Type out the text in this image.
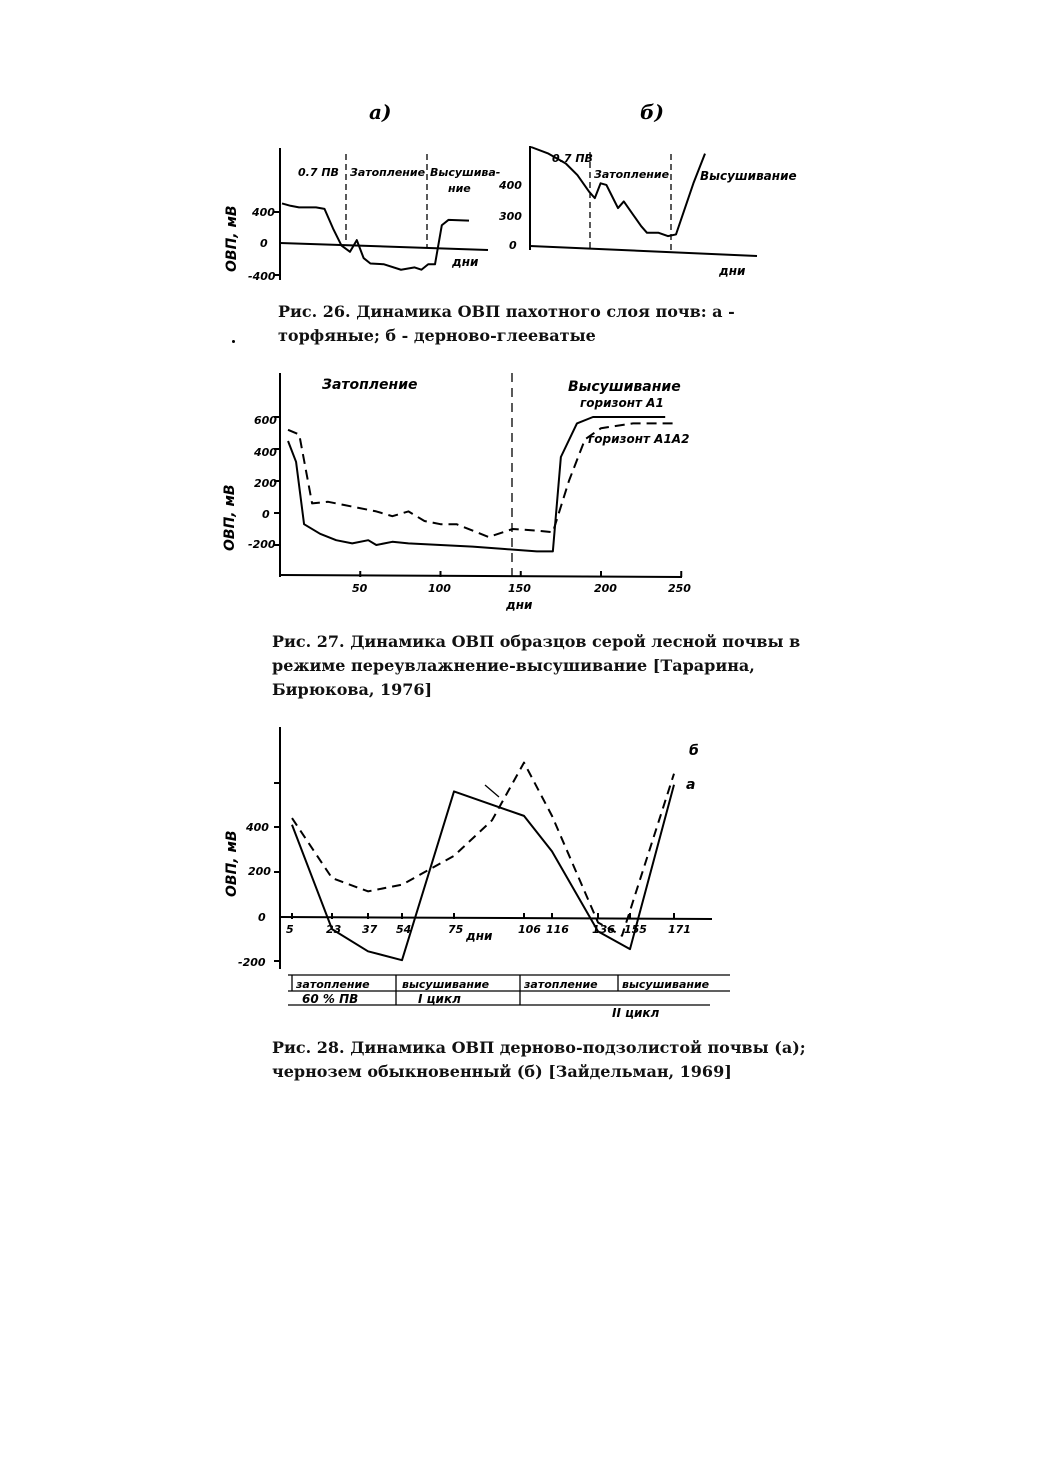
а)	б)
400
0
-400
ОВП, мВ	дни
0.7 ПВ Затопление Высушива-
ние	400
300
0
дни
0.7 ПВ
Затопление	Высушивание

Рис. 26. Динамика ОВП пахотного слоя почв: а -
торфяные; б - дерново-глееватые

600
400
200
0
-200
ОВП, мВ
50	100	150	200	250
дни
Затопление	Высушивание
горизонт А1
горизонт А1А2

Рис. 27. Динамика ОВП образцов серой лесной почвы в
режиме переувлажнение-высушивание [Тарарина,
Бирюкова, 1976]

400
200
0
-200
ОВП, мВ
5	23 37 54	75	106 116 136 155 171
дни
б
а
затопление	высушивание	затопление высушивание
60 % ПВ	I цикл
II цикл

Рис. 28. Динамика ОВП дерново-подзолистой почвы (а);
чернозем обыкновенный (б) [Зайдельман, 1969]
